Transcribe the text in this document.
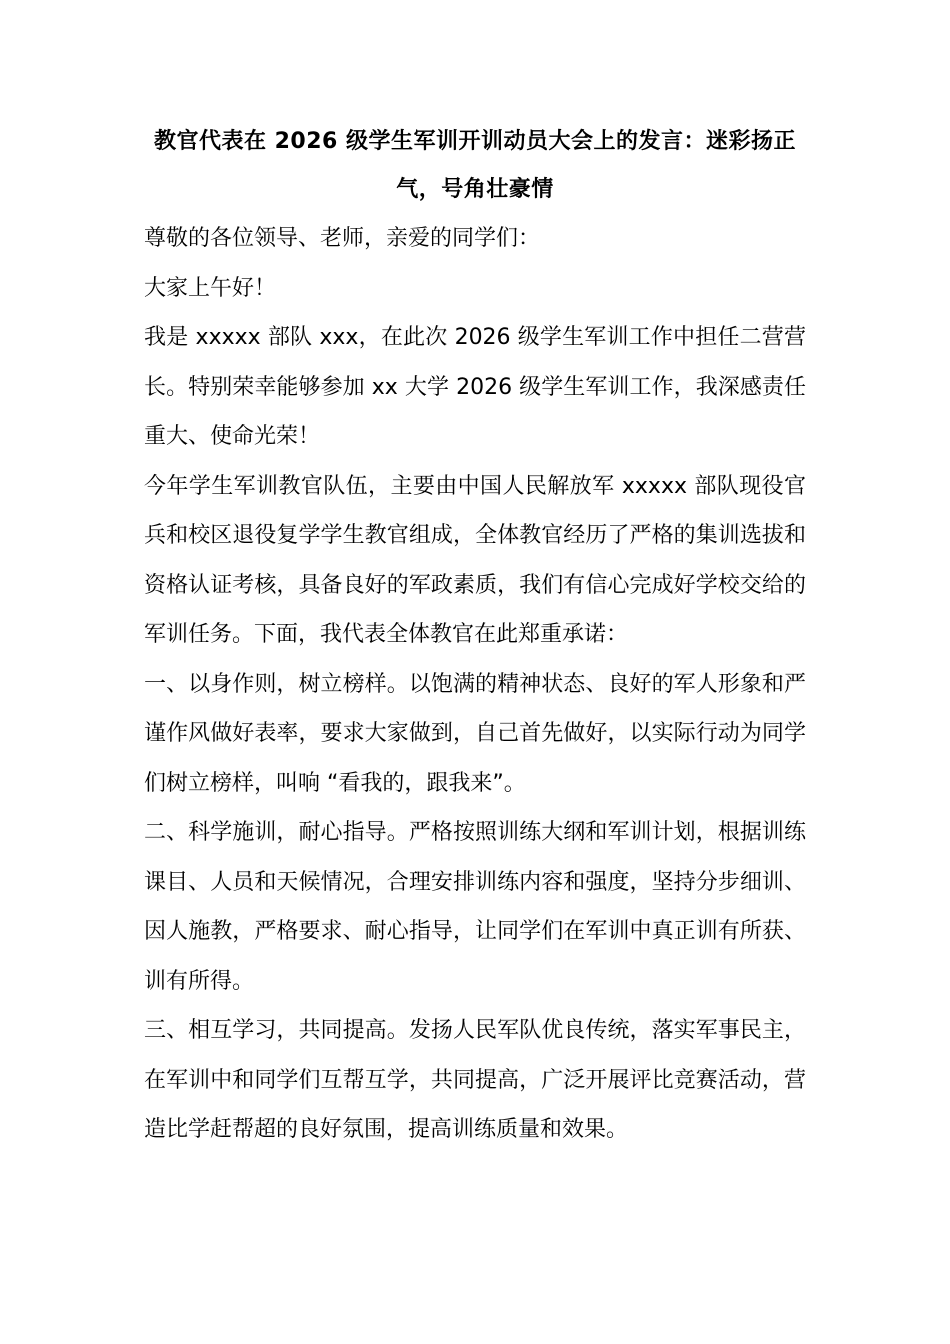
教官代表在 2026 级学生军训开训动员大会上的发言：迷彩扬正气，号角壮豪情

尊敬的各位领导、老师，亲爱的同学们：

大家上午好！

我是 xxxxx 部队 xxx，在此次 2026 级学生军训工作中担任二营营长。特别荣幸能够参加 xx 大学 2026 级学生军训工作，我深感责任重大、使命光荣！

今年学生军训教官队伍，主要由中国人民解放军 xxxxx 部队现役官兵和校区退役复学学生教官组成，全体教官经历了严格的集训选拔和资格认证考核，具备良好的军政素质，我们有信心完成好学校交给的军训任务。下面，我代表全体教官在此郑重承诺：

一、以身作则，树立榜样。以饱满的精神状态、良好的军人形象和严谨作风做好表率，要求大家做到，自己首先做好，以实际行动为同学们树立榜样，叫响 “看我的，跟我来”。

二、科学施训，耐心指导。严格按照训练大纲和军训计划，根据训练课目、人员和天候情况，合理安排训练内容和强度，坚持分步细训、因人施教，严格要求、耐心指导，让同学们在军训中真正训有所获、训有所得。

三、相互学习，共同提高。发扬人民军队优良传统，落实军事民主，在军训中和同学们互帮互学，共同提高，广泛开展评比竞赛活动，营造比学赶帮超的良好氛围，提高训练质量和效果。
